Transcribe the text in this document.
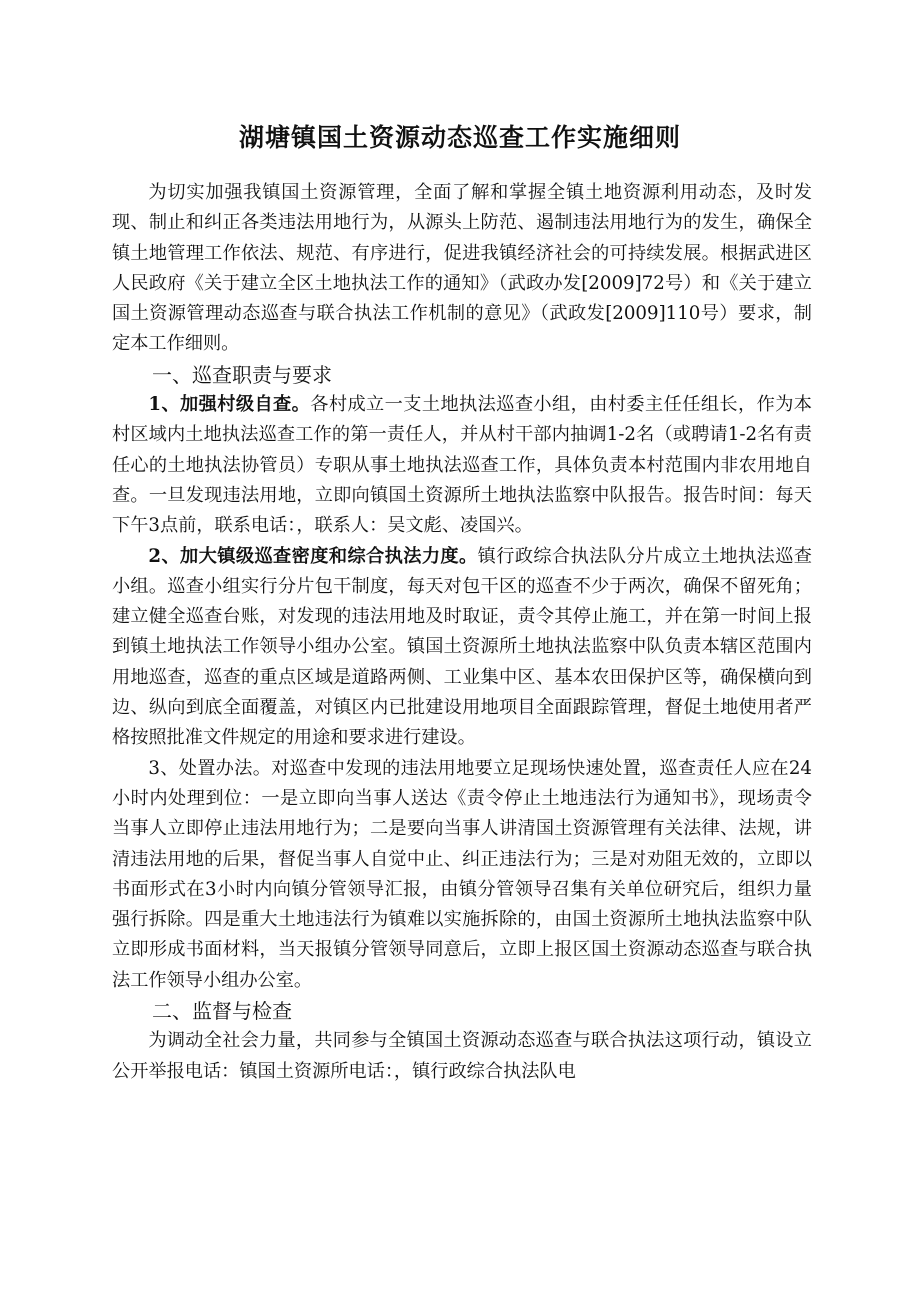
湖塘镇国土资源动态巡查工作实施细则

为切实加强我镇国土资源管理，全面了解和掌握全镇土地资源利用动态，及时发现、制止和纠正各类违法用地行为，从源头上防范、遏制违法用地行为的发生，确保全镇土地管理工作依法、规范、有序进行，促进我镇经济社会的可持续发展。根据武进区人民政府《关于建立全区土地执法工作的通知》（武政办发[2009]72号）和《关于建立国土资源管理动态巡查与联合执法工作机制的意见》（武政发[2009]110号）要求，制定本工作细则。

一、巡查职责与要求

1、加强村级自查。各村成立一支土地执法巡查小组，由村委主任任组长，作为本村区域内土地执法巡查工作的第一责任人，并从村干部内抽调1-2名（或聘请1-2名有责任心的土地执法协管员）专职从事土地执法巡查工作，具体负责本村范围内非农用地自查。一旦发现违法用地，立即向镇国土资源所土地执法监察中队报告。报告时间：每天下午3点前，联系电话：，联系人：吴文彪、凌国兴。

2、加大镇级巡查密度和综合执法力度。镇行政综合执法队分片成立土地执法巡查小组。巡查小组实行分片包干制度，每天对包干区的巡查不少于两次，确保不留死角；建立健全巡查台账，对发现的违法用地及时取证，责令其停止施工，并在第一时间上报到镇土地执法工作领导小组办公室。镇国土资源所土地执法监察中队负责本辖区范围内用地巡查，巡查的重点区域是道路两侧、工业集中区、基本农田保护区等，确保横向到边、纵向到底全面覆盖，对镇区内已批建设用地项目全面跟踪管理，督促土地使用者严格按照批准文件规定的用途和要求进行建设。

3、处置办法。对巡查中发现的违法用地要立足现场快速处置，巡查责任人应在24小时内处理到位：一是立即向当事人送达《责令停止土地违法行为通知书》，现场责令当事人立即停止违法用地行为；二是要向当事人讲清国土资源管理有关法律、法规，讲清违法用地的后果，督促当事人自觉中止、纠正违法行为；三是对劝阻无效的，立即以书面形式在3小时内向镇分管领导汇报，由镇分管领导召集有关单位研究后，组织力量强行拆除。四是重大土地违法行为镇难以实施拆除的，由国土资源所土地执法监察中队立即形成书面材料，当天报镇分管领导同意后，立即上报区国土资源动态巡查与联合执法工作领导小组办公室。

二、监督与检查

为调动全社会力量，共同参与全镇国土资源动态巡查与联合执法这项行动，镇设立公开举报电话：镇国土资源所电话：，镇行政综合执法队电
